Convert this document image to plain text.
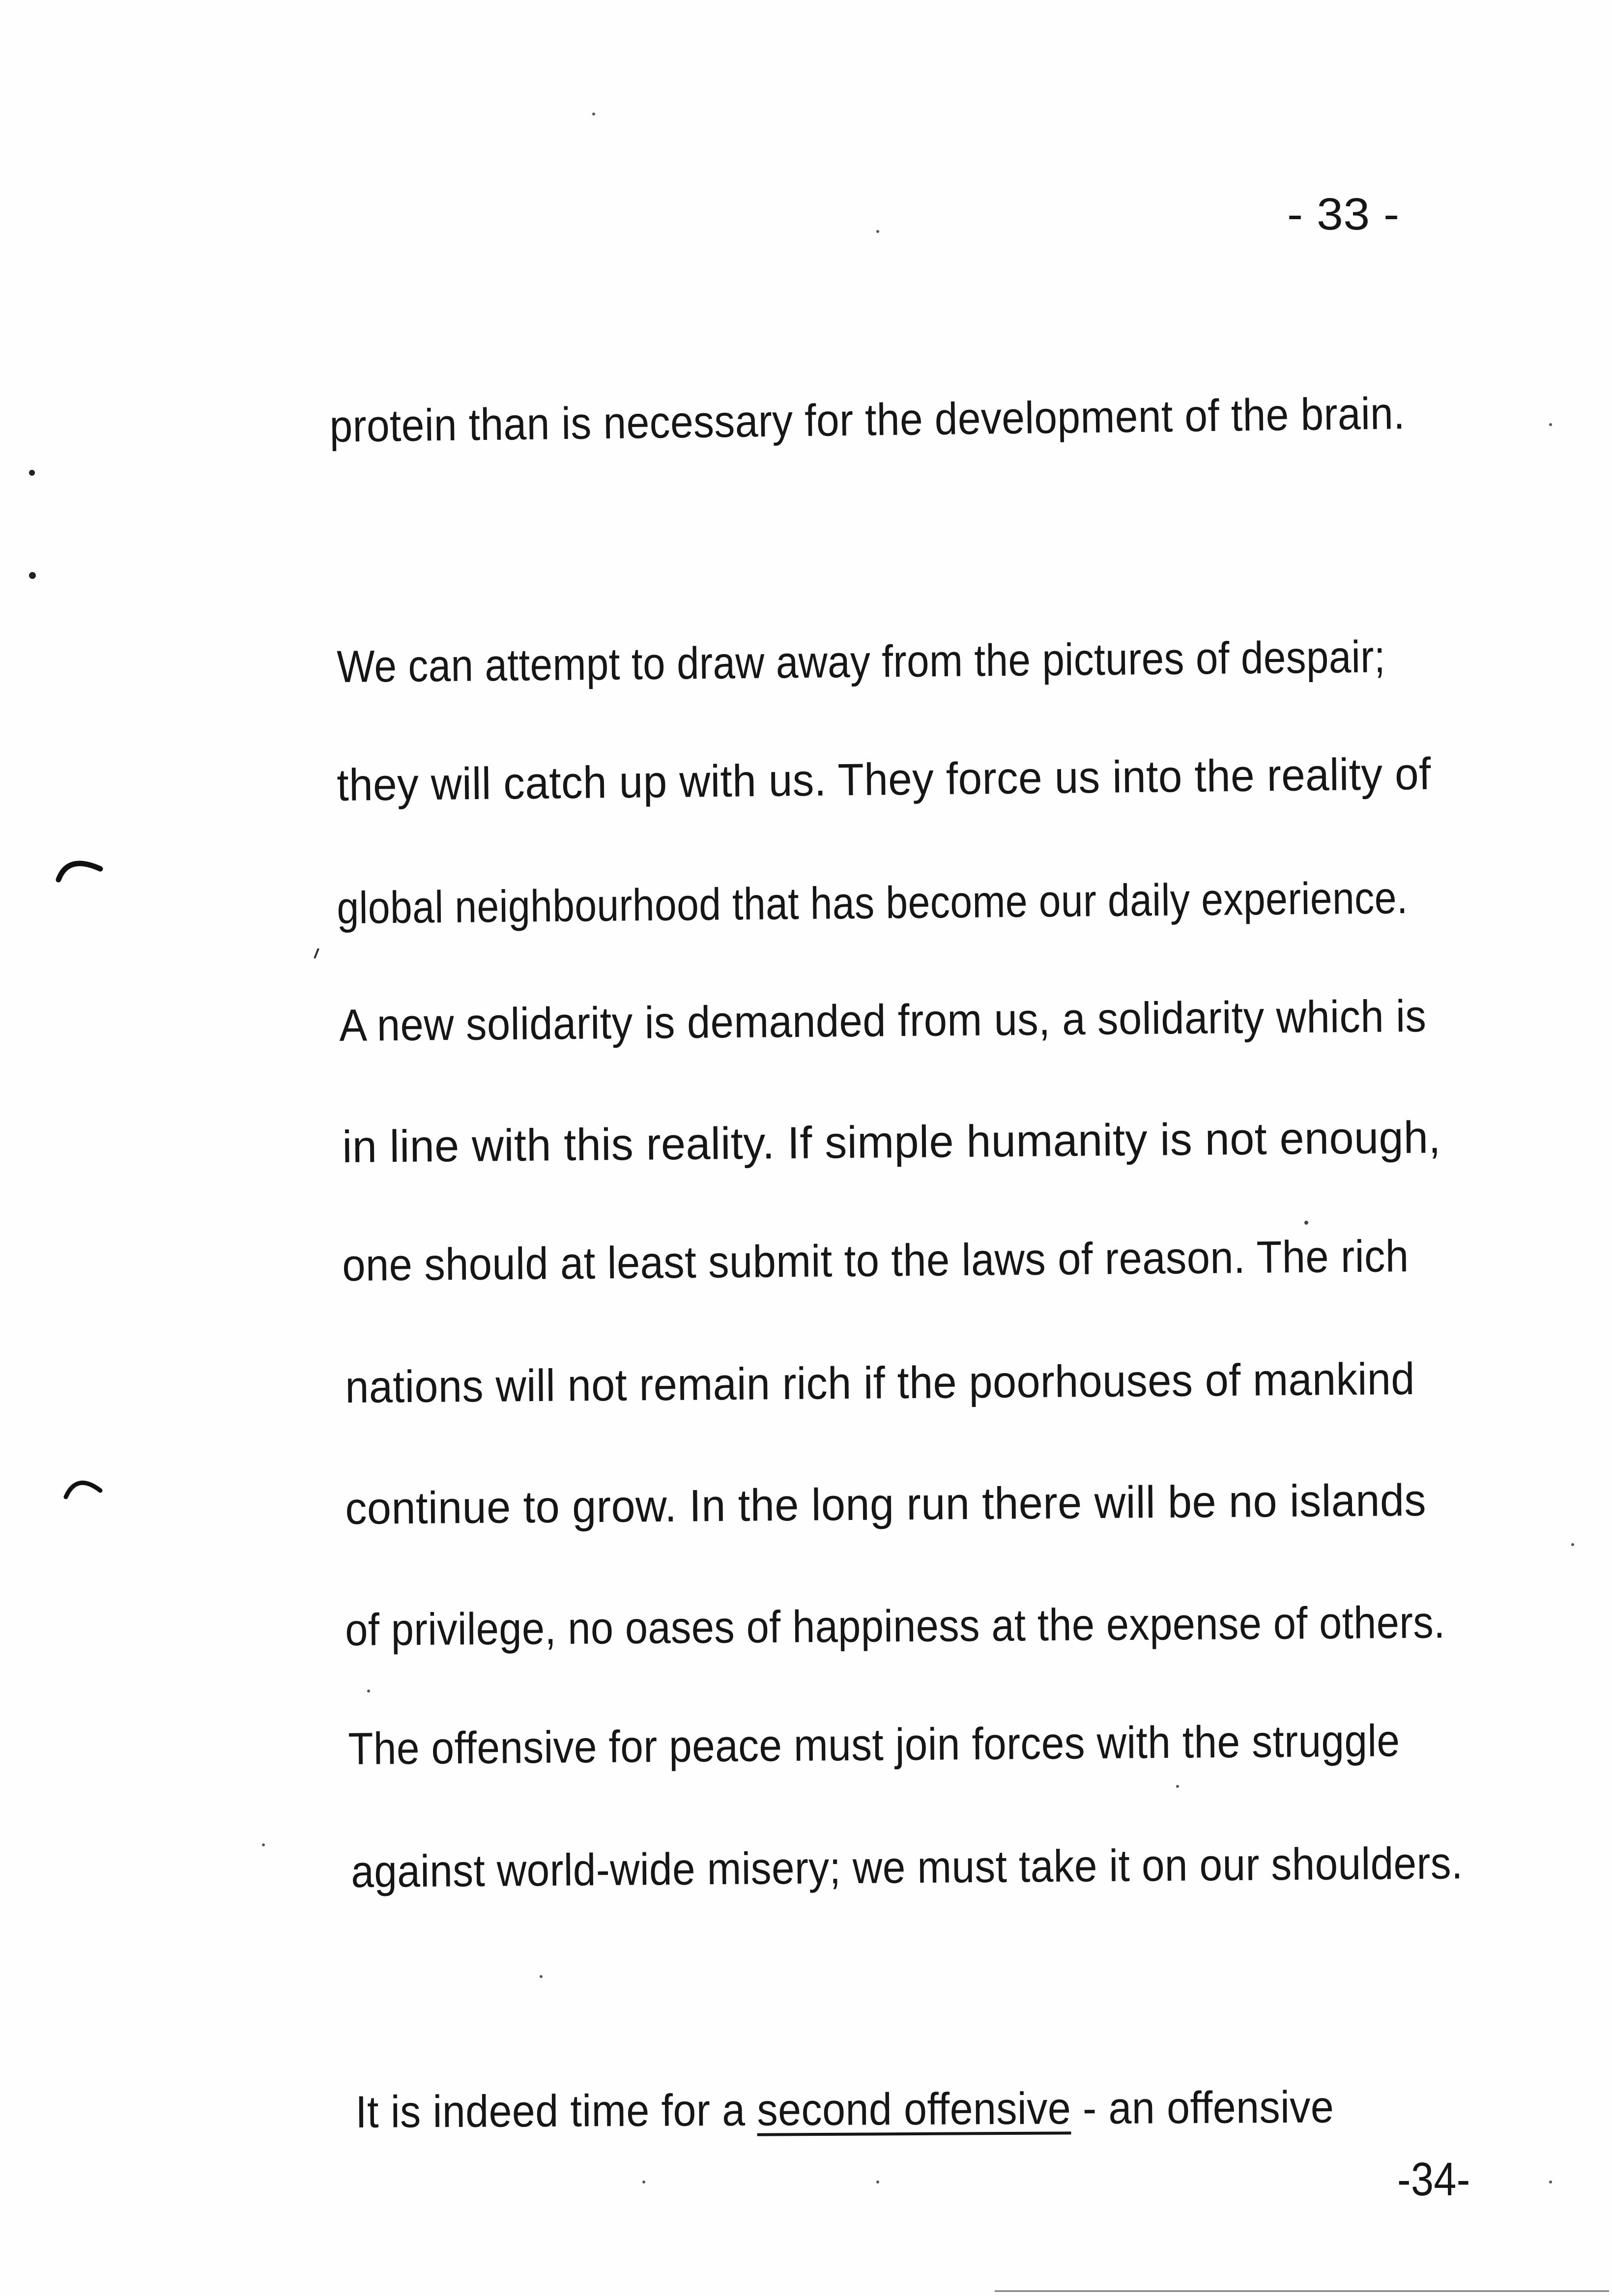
- 33 -
protein than is necessary for the development of the brain.
We can attempt to draw away from the pictures of despair;
they will catch up with us. They force us into the reality of
global neighbourhood that has become our daily experience.
A new solidarity is demanded from us, a solidarity which is
in line with this reality. If simple humanity is not enough,
one should at least submit to the laws of reason. The rich
nations will not remain rich if the poorhouses of mankind
continue to grow. In the long run there will be no islands
of privilege, no oases of happiness at the expense of others.
The offensive for peace must join forces with the struggle
against world-wide misery; we must take it on our shoulders.
It is indeed time for a second offensive - an offensive
-34-
